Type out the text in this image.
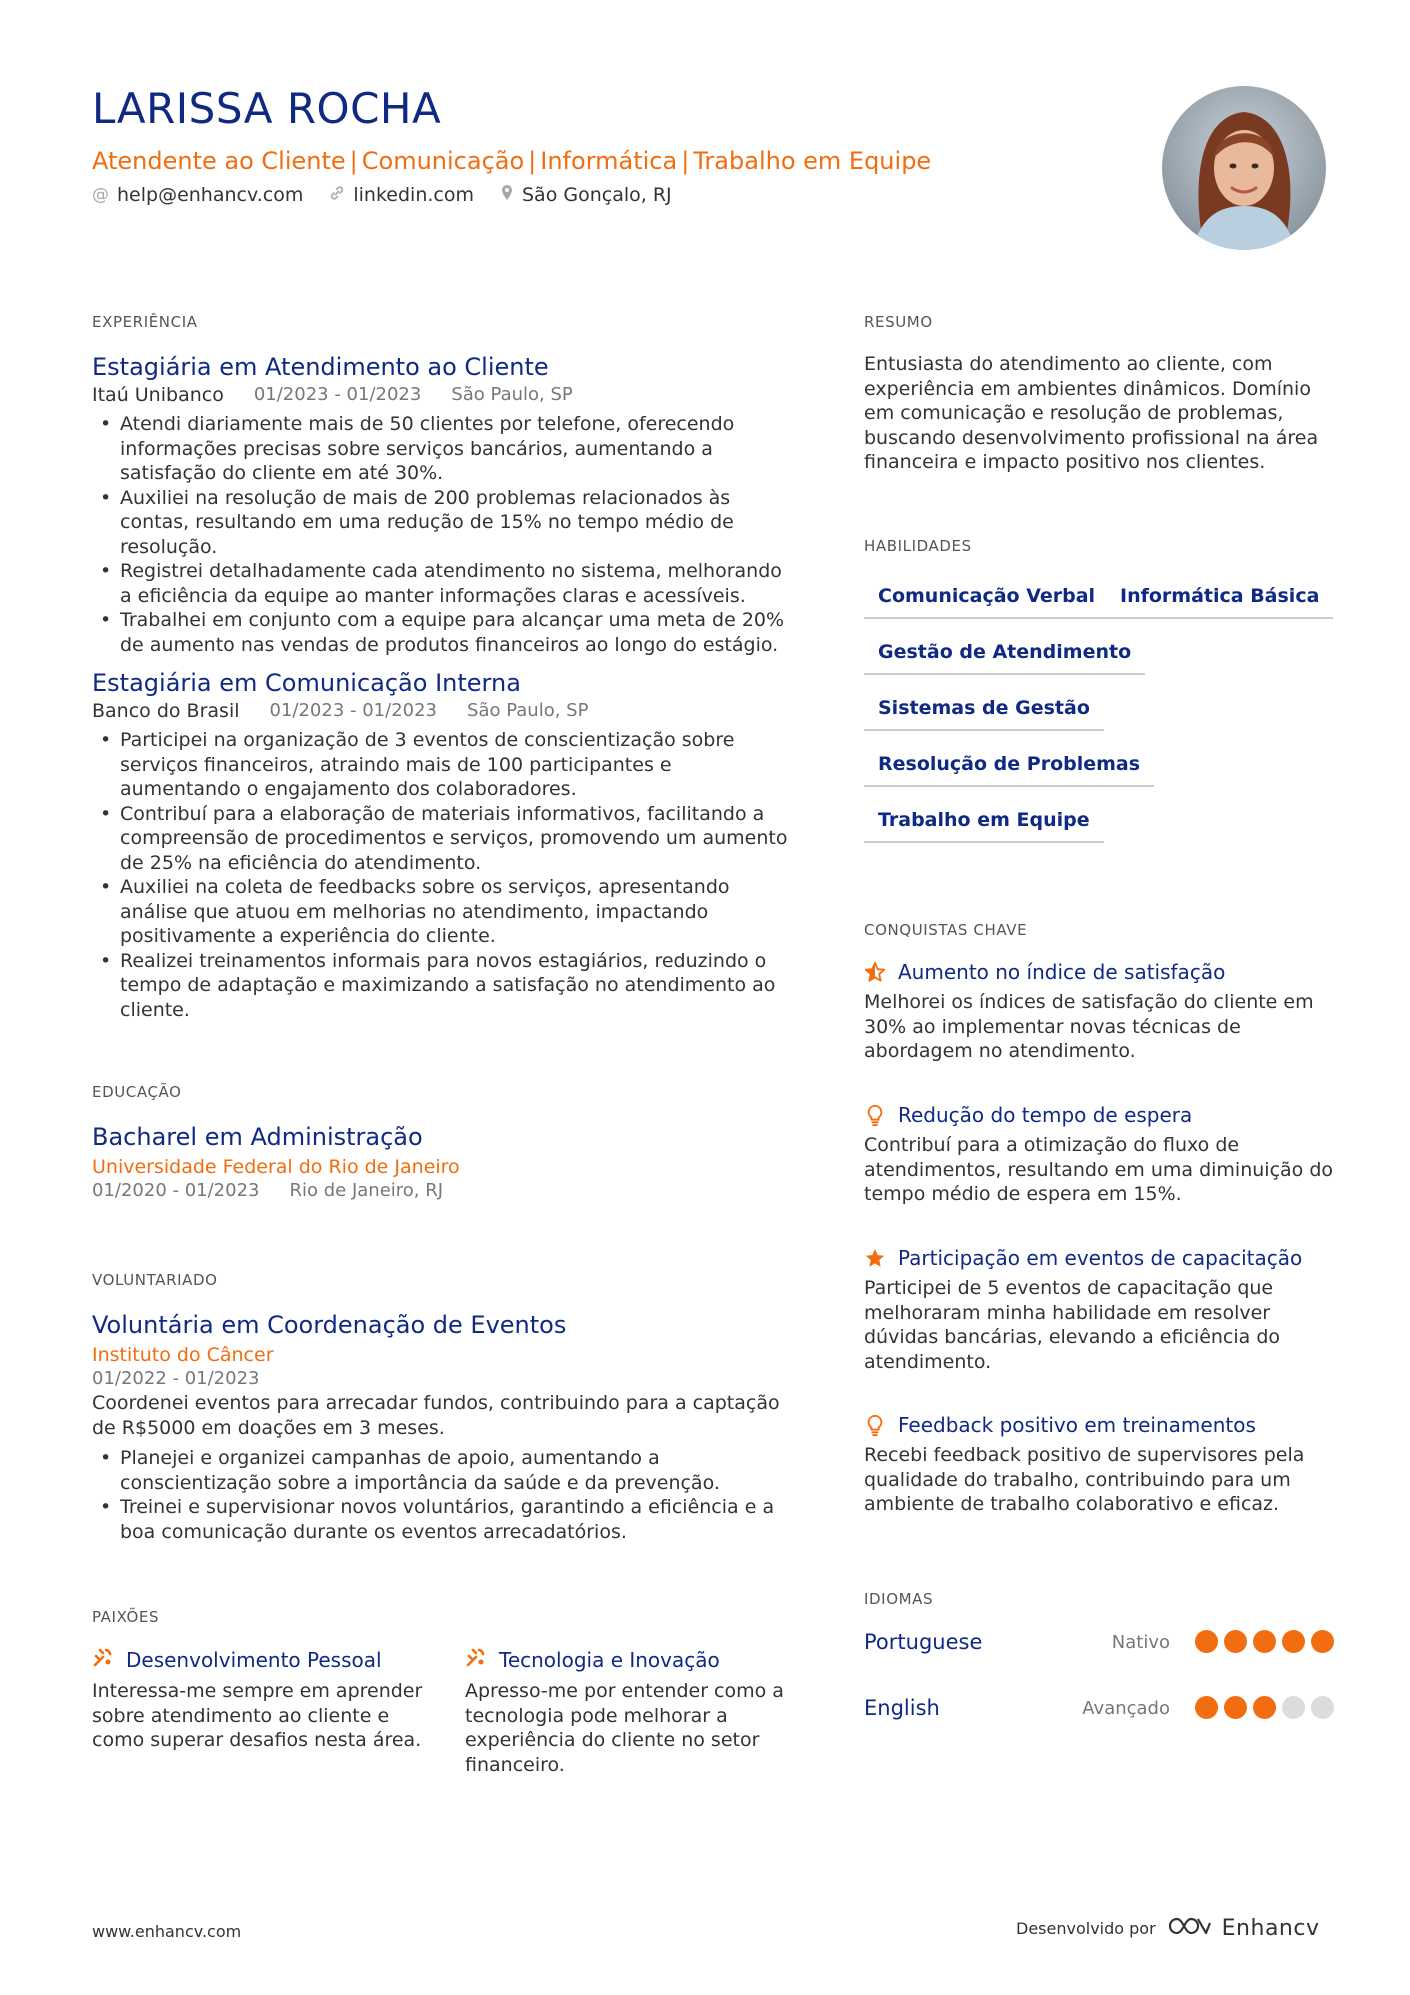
LARISSA ROCHA
Atendente ao Cliente | Comunicação | Informática | Trabalho em Equipe
@ help@enhancv.com	linkedin.com	São Gonçalo, RJ
EXPERIÊNCIA
Estagiária em Atendimento ao Cliente
Itaú Unibanco 01/2023 - 01/2023 São Paulo, SP
• Atendi diariamente mais de 50 clientes por telefone, oferecendo informações precisas sobre serviços bancários, aumentando a satisfação do cliente em até 30%.
• Auxiliei na resolução de mais de 200 problemas relacionados às contas, resultando em uma redução de 15% no tempo médio de resolução.
• Registrei detalhadamente cada atendimento no sistema, melhorando a eficiência da equipe ao manter informações claras e acessíveis.
• Trabalhei em conjunto com a equipe para alcançar uma meta de 20% de aumento nas vendas de produtos financeiros ao longo do estágio.
Estagiária em Comunicação Interna
Banco do Brasil 01/2023 - 01/2023 São Paulo, SP
• Participei na organização de 3 eventos de conscientização sobre serviços financeiros, atraindo mais de 100 participantes e aumentando o engajamento dos colaboradores.
• Contribuí para a elaboração de materiais informativos, facilitando a compreensão de procedimentos e serviços, promovendo um aumento de 25% na eficiência do atendimento.
• Auxiliei na coleta de feedbacks sobre os serviços, apresentando análise que atuou em melhorias no atendimento, impactando positivamente a experiência do cliente.
• Realizei treinamentos informais para novos estagiários, reduzindo o tempo de adaptação e maximizando a satisfação no atendimento ao cliente.
EDUCAÇÃO
Bacharel em Administração
Universidade Federal do Rio de Janeiro
01/2020 - 01/2023 Rio de Janeiro, RJ
VOLUNTARIADO
Voluntária em Coordenação de Eventos
Instituto do Câncer
01/2022 - 01/2023
Coordenei eventos para arrecadar fundos, contribuindo para a captação de R$5000 em doações em 3 meses.
• Planejei e organizei campanhas de apoio, aumentando a conscientização sobre a importância da saúde e da prevenção.
• Treinei e supervisionar novos voluntários, garantindo a eficiência e a boa comunicação durante os eventos arrecadatórios.
PAIXÕES
Desenvolvimento Pessoal
Interessa-me sempre em aprender sobre atendimento ao cliente e como superar desafios nesta área.
Tecnologia e Inovação
Apresso-me por entender como a tecnologia pode melhorar a experiência do cliente no setor financeiro.
RESUMO
Entusiasta do atendimento ao cliente, com experiência em ambientes dinâmicos. Domínio em comunicação e resolução de problemas, buscando desenvolvimento profissional na área financeira e impacto positivo nos clientes.
HABILIDADES
Comunicação Verbal	Informática Básica
Gestão de Atendimento
Sistemas de Gestão
Resolução de Problemas
Trabalho em Equipe
CONQUISTAS CHAVE
Aumento no índice de satisfação
Melhorei os índices de satisfação do cliente em 30% ao implementar novas técnicas de abordagem no atendimento.
Redução do tempo de espera
Contribuí para a otimização do fluxo de atendimentos, resultando em uma diminuição do tempo médio de espera em 15%.
Participação em eventos de capacitação
Participei de 5 eventos de capacitação que melhoraram minha habilidade em resolver dúvidas bancárias, elevando a eficiência do atendimento.
Feedback positivo em treinamentos
Recebi feedback positivo de supervisores pela qualidade do trabalho, contribuindo para um ambiente de trabalho colaborativo e eficaz.
IDIOMAS
Portuguese	Nativo
English	Avançado
www.enhancv.com	Desenvolvido por	Enhancv
